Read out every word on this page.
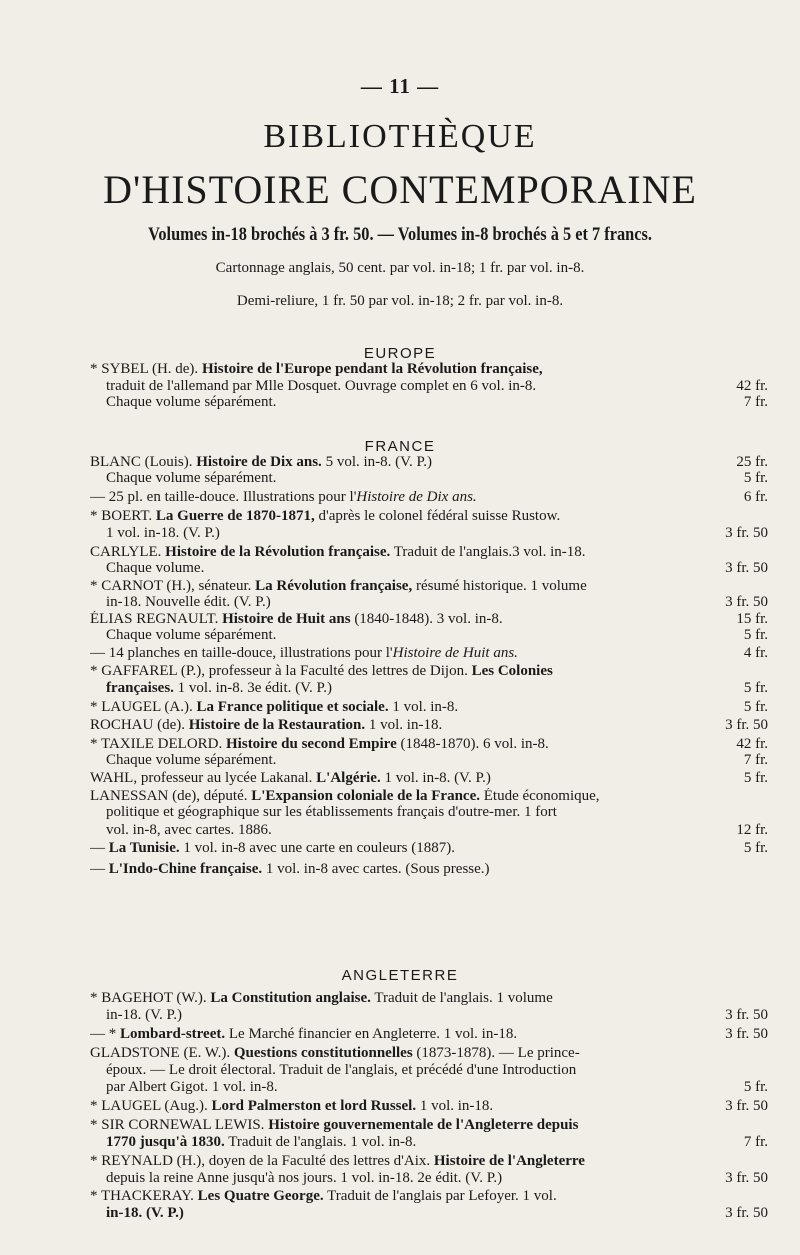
— 11 —
BIBLIOTHÈQUE
D'HISTOIRE CONTEMPORAINE
Volumes in-18 brochés à 3 fr. 50. — Volumes in-8 brochés à 5 et 7 francs.
Cartonnage anglais, 50 cent. par vol. in-18; 1 fr. par vol. in-8.
Demi-reliure, 1 fr. 50 par vol. in-18; 2 fr. par vol. in-8.
EUROPE
FRANCE
ANGLETERRE
* SYBEL (H. de). Histoire de l'Europe pendant la Révolution française,
traduit de l'allemand par Mlle Dosquet. Ouvrage complet en 6 vol. in-8.	42 fr.
Chaque volume séparément.	7 fr.
BLANC (Louis). Histoire de Dix ans. 5 vol. in-8. (V. P.)	25 fr.
Chaque volume séparément.	5 fr.
— 25 pl. en taille-douce. Illustrations pour l'Histoire de Dix ans.	6 fr.
* BOERT. La Guerre de 1870-1871, d'après le colonel fédéral suisse Rustow.
1 vol. in-18. (V. P.)	3 fr. 50
CARLYLE. Histoire de la Révolution française. Traduit de l'anglais.3 vol. in-18.
Chaque volume.	3 fr. 50
* CARNOT (H.), sénateur. La Révolution française, résumé historique. 1 volume
in-18. Nouvelle édit. (V. P.)	3 fr. 50
ÉLIAS REGNAULT. Histoire de Huit ans (1840-1848). 3 vol. in-8.	15 fr.
Chaque volume séparément.	5 fr.
— 14 planches en taille-douce, illustrations pour l'Histoire de Huit ans.	4 fr.
* GAFFAREL (P.), professeur à la Faculté des lettres de Dijon. Les Colonies
françaises. 1 vol. in-8. 3e édit. (V. P.)	5 fr.
* LAUGEL (A.). La France politique et sociale. 1 vol. in-8.	5 fr.
ROCHAU (de). Histoire de la Restauration. 1 vol. in-18.	3 fr. 50
* TAXILE DELORD. Histoire du second Empire (1848-1870). 6 vol. in-8.	42 fr.
Chaque volume séparément.	7 fr.
WAHL, professeur au lycée Lakanal. L'Algérie. 1 vol. in-8. (V. P.)	5 fr.
LANESSAN (de), député. L'Expansion coloniale de la France. Étude économique,
politique et géographique sur les établissements français d'outre-mer. 1 fort
vol. in-8, avec cartes. 1886.	12 fr.
— La Tunisie. 1 vol. in-8 avec une carte en couleurs (1887).	5 fr.
— L'Indo-Chine française. 1 vol. in-8 avec cartes. (Sous presse.)
* BAGEHOT (W.). La Constitution anglaise. Traduit de l'anglais. 1 volume
in-18. (V. P.)	3 fr. 50
— * Lombard-street. Le Marché financier en Angleterre. 1 vol. in-18.	3 fr. 50
GLADSTONE (E. W.). Questions constitutionnelles (1873-1878). — Le prince-
époux. — Le droit électoral. Traduit de l'anglais, et précédé d'une Introduction
par Albert Gigot. 1 vol. in-8.	5 fr.
* LAUGEL (Aug.). Lord Palmerston et lord Russel. 1 vol. in-18.	3 fr. 50
* SIR CORNEWAL LEWIS. Histoire gouvernementale de l'Angleterre depuis
1770 jusqu'à 1830. Traduit de l'anglais. 1 vol. in-8.	7 fr.
* REYNALD (H.), doyen de la Faculté des lettres d'Aix. Histoire de l'Angleterre
depuis la reine Anne jusqu'à nos jours. 1 vol. in-18. 2e édit. (V. P.)	3 fr. 50
* THACKERAY. Les Quatre George. Traduit de l'anglais par Lefoyer. 1 vol.
in-18. (V. P.)	3 fr. 50
